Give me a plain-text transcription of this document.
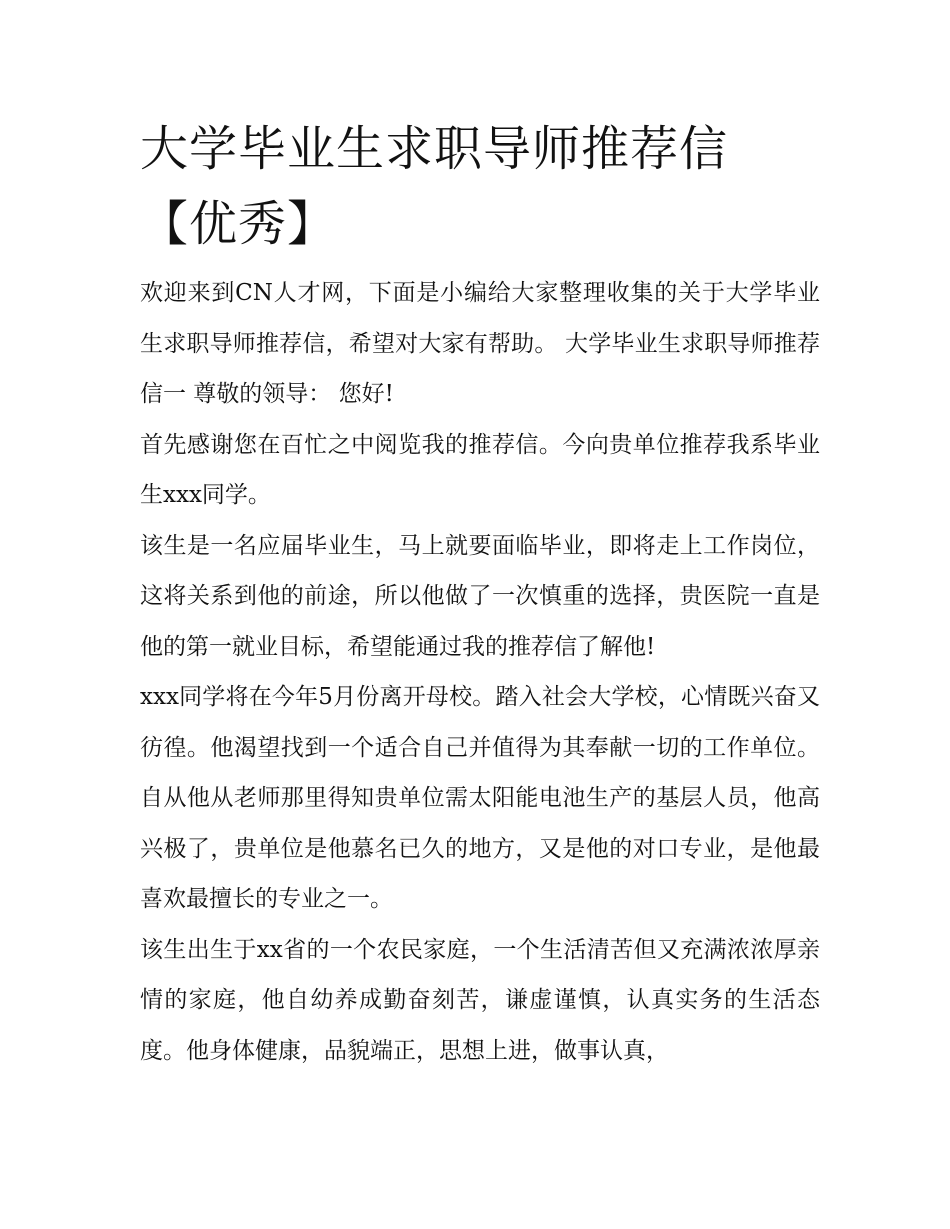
大学毕业生求职导师推荐信
【优秀】

欢迎来到CN人才网，下面是小编给大家整理收集的关于大学毕业生求职导师推荐信，希望对大家有帮助。 大学毕业生求职导师推荐信一 尊敬的领导： 您好!

首先感谢您在百忙之中阅览我的推荐信。今向贵单位推荐我系毕业生xxx同学。

该生是一名应届毕业生，马上就要面临毕业，即将走上工作岗位，这将关系到他的前途，所以他做了一次慎重的选择，贵医院一直是他的第一就业目标，希望能通过我的推荐信了解他!

xxx同学将在今年5月份离开母校。踏入社会大学校，心情既兴奋又彷徨。他渴望找到一个适合自己并值得为其奉献一切的工作单位。自从他从老师那里得知贵单位需太阳能电池生产的基层人员，他高兴极了，贵单位是他慕名已久的地方，又是他的对口专业，是他最喜欢最擅长的专业之一。

该生出生于xx省的一个农民家庭，一个生活清苦但又充满浓浓厚亲情的家庭，他自幼养成勤奋刻苦，谦虚谨慎，认真实务的生活态度。他身体健康，品貌端正，思想上进，做事认真，
